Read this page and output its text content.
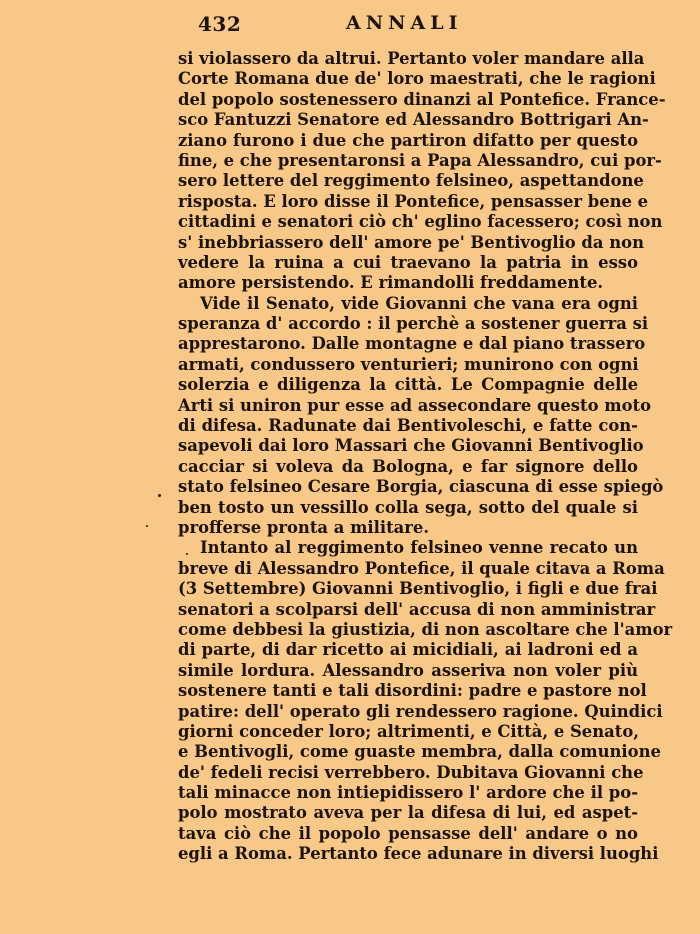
432	ANNALI
si violassero da altrui. Pertanto voler mandare alla
Corte Romana due de' loro maestrati, che le ragioni
del popolo sostenessero dinanzi al Pontefice. France-
sco Fantuzzi Senatore ed Alessandro Bottrigari An-
ziano furono i due che partiron difatto per questo
fine, e che presentaronsi a Papa Alessandro, cui por-
sero lettere del reggimento felsineo, aspettandone
risposta. E loro disse il Pontefice, pensasser bene e
cittadini e senatori ciò ch' eglino facessero; così non
s' inebbriassero dell' amore pe' Bentivoglio da non
vedere la ruina a cui traevano la patria in esso
amore persistendo. E rimandolli freddamente.
Vide il Senato, vide Giovanni che vana era ogni
speranza d' accordo : il perchè a sostener guerra si
apprestarono. Dalle montagne e dal piano trassero
armati, condussero venturieri; munirono con ogni
solerzia e diligenza la città. Le Compagnie delle
Arti si uniron pur esse ad assecondare questo moto
di difesa. Radunate dai Bentivoleschi, e fatte con-
sapevoli dai loro Massari che Giovanni Bentivoglio
cacciar si voleva da Bologna, e far signore dello
stato felsineo Cesare Borgia, ciascuna di esse spiegò
ben tosto un vessillo colla sega, sotto del quale si
profferse pronta a militare.
Intanto al reggimento felsineo venne recato un
breve di Alessandro Pontefice, il quale citava a Roma
(3 Settembre) Giovanni Bentivoglio, i figli e due frai
senatori a scolparsi dell' accusa di non amministrar
come debbesi la giustizia, di non ascoltare che l'amor
di parte, di dar ricetto ai micidiali, ai ladroni ed a
simile lordura. Alessandro asseriva non voler più
sostenere tanti e tali disordini: padre e pastore nol
patire: dell' operato gli rendessero ragione. Quindici
giorni conceder loro; altrimenti, e Città, e Senato,
e Bentivogli, come guaste membra, dalla comunione
de' fedeli recisi verrebbero. Dubitava Giovanni che
tali minacce non intiepidissero l' ardore che il po-
polo mostrato aveva per la difesa di lui, ed aspet-
tava ciò che il popolo pensasse dell' andare o no
egli a Roma. Pertanto fece adunare in diversi luoghi
